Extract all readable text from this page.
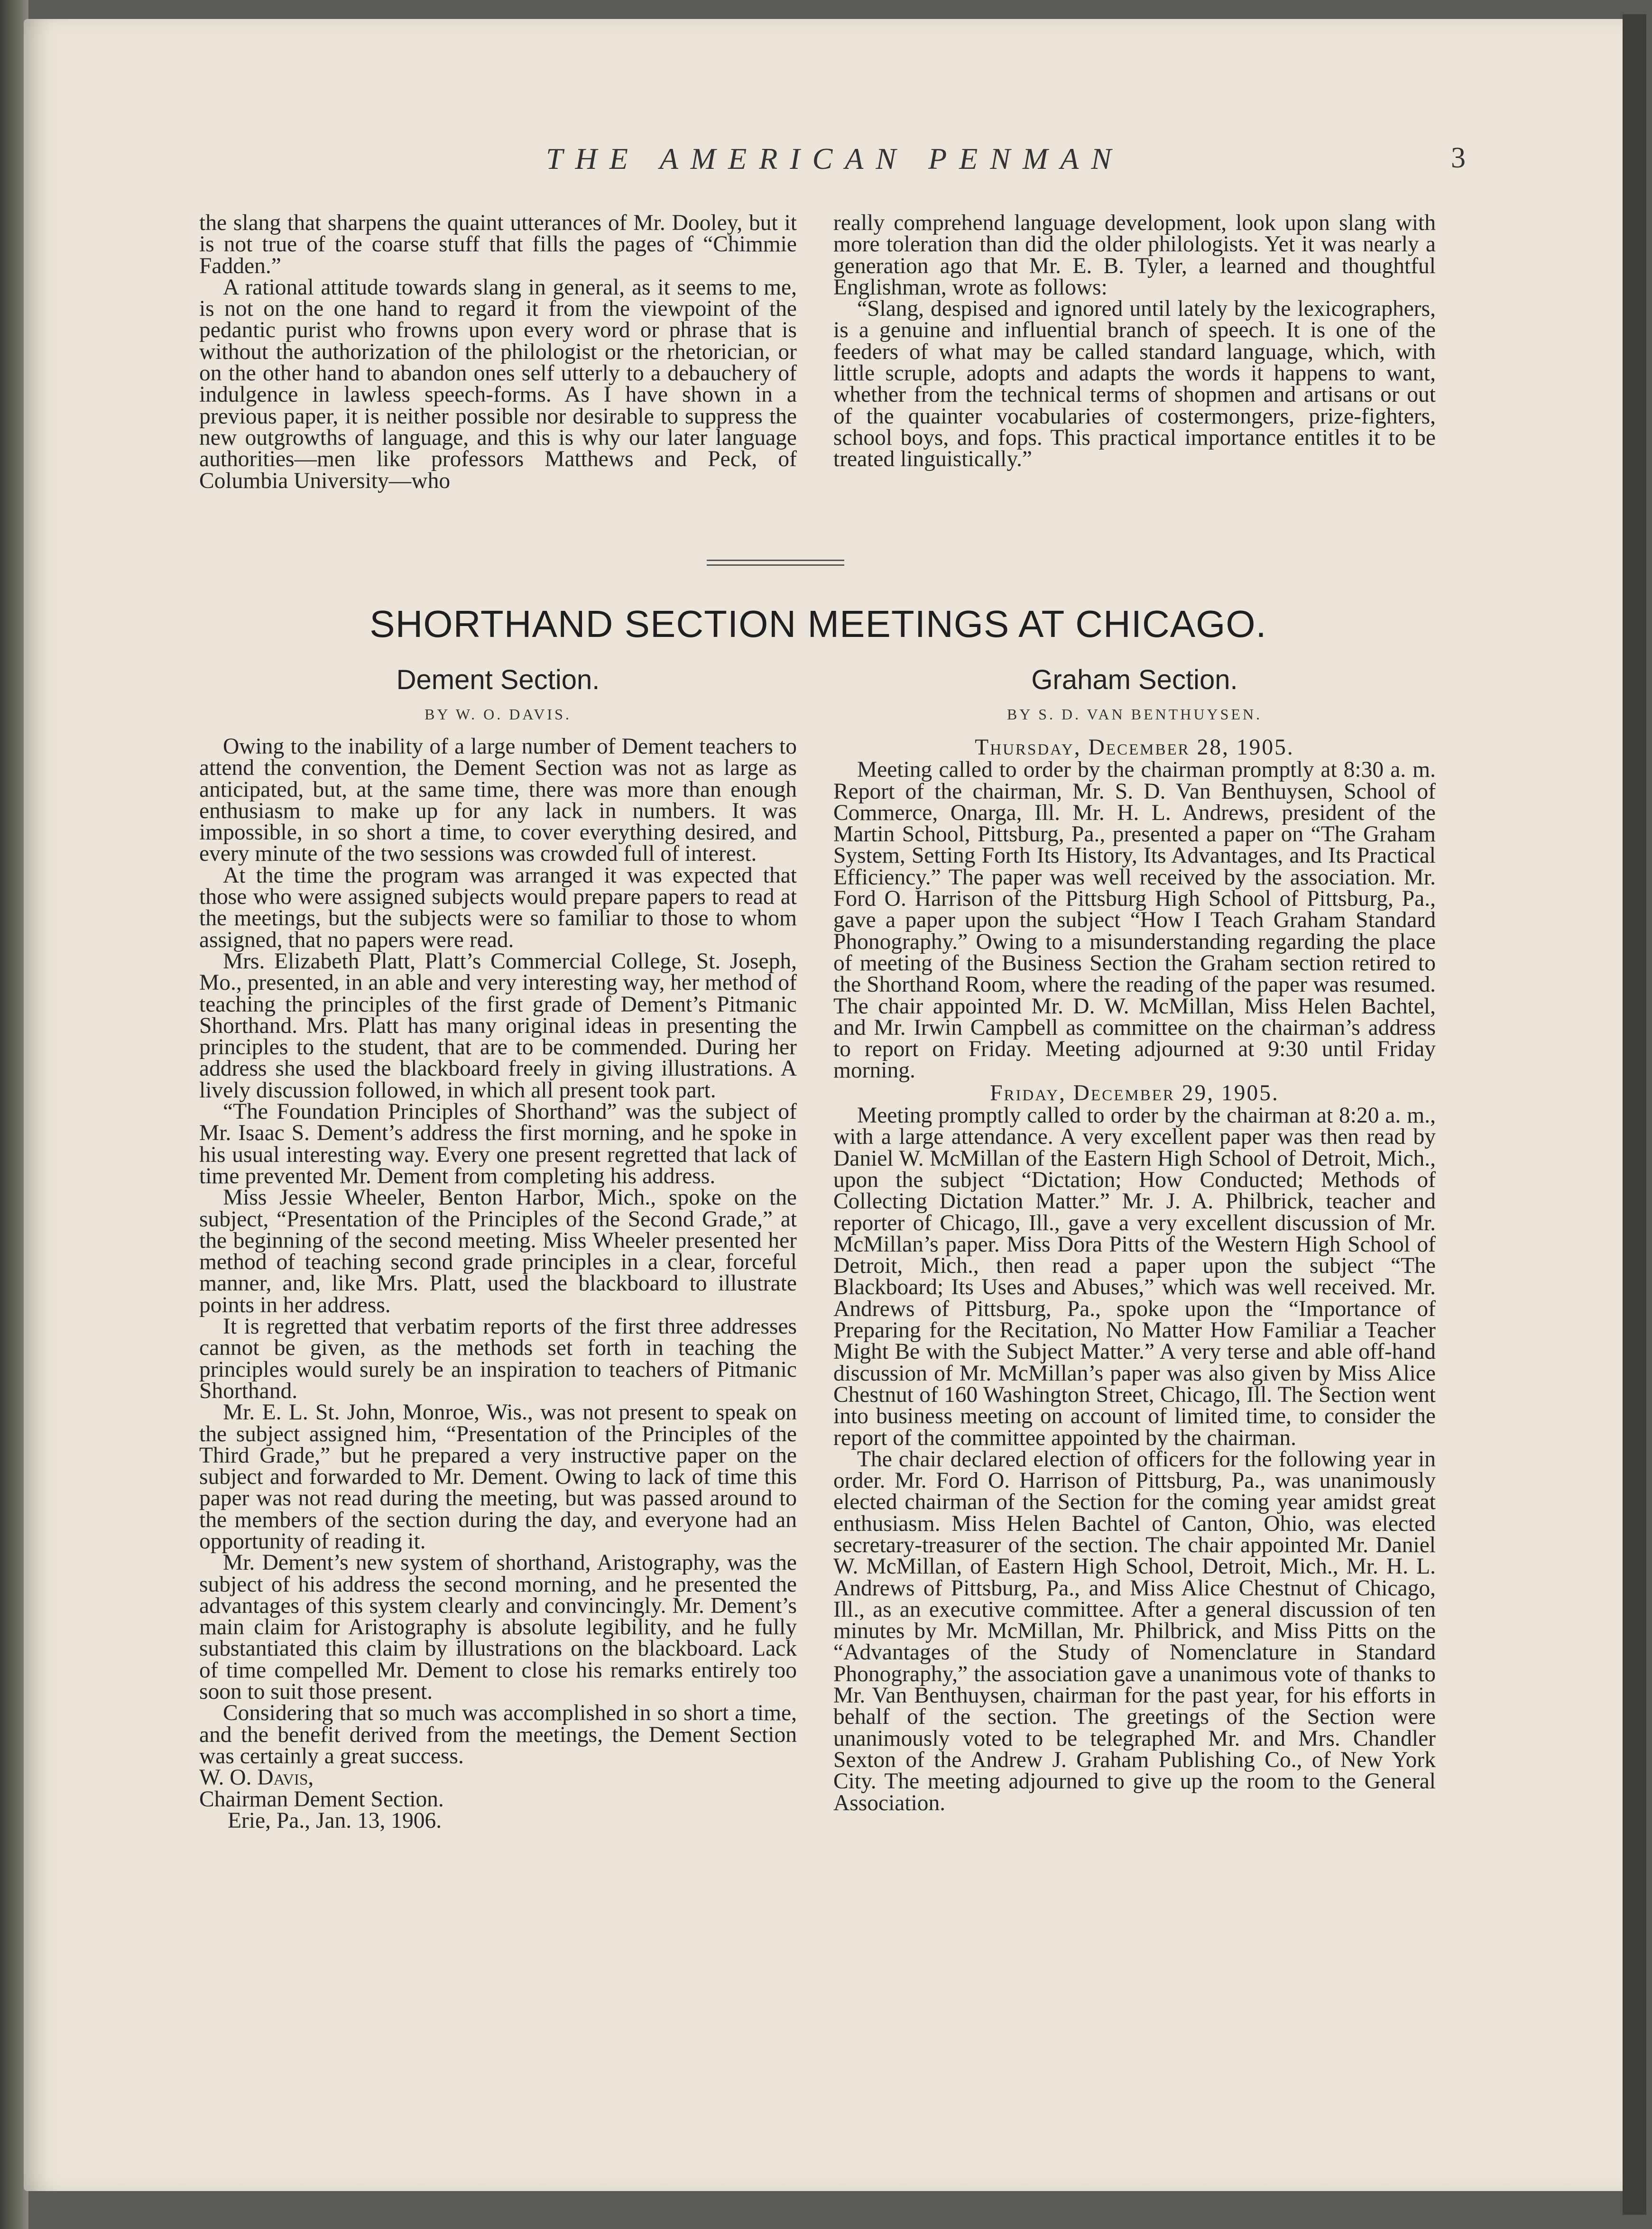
THE AMERICAN PENMAN	3

the slang that sharpens the quaint utterances of Mr. Dooley, but it is not true of the coarse stuff that fills the pages of “Chimmie Fadden.”

A rational attitude towards slang in general, as it seems to me, is not on the one hand to regard it from the viewpoint of the pedantic purist who frowns upon every word or phrase that is without the authorization of the philologist or the rhetorician, or on the other hand to abandon ones self utterly to a debauchery of indulgence in lawless speech-forms. As I have shown in a previous paper, it is neither possible nor desirable to suppress the new outgrowths of language, and this is why our later language authorities—men like professors Matthews and Peck, of Columbia University—who

really comprehend language development, look upon slang with more toleration than did the older philologists. Yet it was nearly a generation ago that Mr. E. B. Tyler, a learned and thoughtful Englishman, wrote as follows:

“Slang, despised and ignored until lately by the lexicographers, is a genuine and influential branch of speech. It is one of the feeders of what may be called standard language, which, with little scruple, adopts and adapts the words it happens to want, whether from the technical terms of shopmen and artisans or out of the quainter vocabularies of costermongers, prize-fighters, school boys, and fops. This practical importance entitles it to be treated linguistically.”

SHORTHAND SECTION MEETINGS AT CHICAGO.
Dement Section.	Graham Section.
BY W. O. DAVIS.	BY S. D. VAN BENTHUYSEN.

Owing to the inability of a large number of Dement teachers to attend the convention, the Dement Section was not as large as anticipated, but, at the same time, there was more than enough enthusiasm to make up for any lack in numbers. It was impossible, in so short a time, to cover everything desired, and every minute of the two sessions was crowded full of interest.

At the time the program was arranged it was expected that those who were assigned subjects would prepare papers to read at the meetings, but the subjects were so familiar to those to whom assigned, that no papers were read.

Mrs. Elizabeth Platt, Platt’s Commercial College, St. Joseph, Mo., presented, in an able and very interesting way, her method of teaching the principles of the first grade of Dement’s Pitmanic Shorthand. Mrs. Platt has many original ideas in presenting the principles to the student, that are to be commended. During her address she used the blackboard freely in giving illustrations. A lively discussion followed, in which all present took part.

“The Foundation Principles of Shorthand” was the subject of Mr. Isaac S. Dement’s address the first morning, and he spoke in his usual interesting way. Every one present regretted that lack of time prevented Mr. Dement from completing his address.

Miss Jessie Wheeler, Benton Harbor, Mich., spoke on the subject, “Presentation of the Principles of the Second Grade,” at the beginning of the second meeting. Miss Wheeler presented her method of teaching second grade principles in a clear, forceful manner, and, like Mrs. Platt, used the blackboard to illustrate points in her address.

It is regretted that verbatim reports of the first three addresses cannot be given, as the methods set forth in teaching the principles would surely be an inspiration to teachers of Pitmanic Shorthand.

Mr. E. L. St. John, Monroe, Wis., was not present to speak on the subject assigned him, “Presentation of the Principles of the Third Grade,” but he prepared a very instructive paper on the subject and forwarded to Mr. Dement. Owing to lack of time this paper was not read during the meeting, but was passed around to the members of the section during the day, and everyone had an opportunity of reading it.

Mr. Dement’s new system of shorthand, Aristography, was the subject of his address the second morning, and he presented the advantages of this system clearly and convincingly. Mr. Dement’s main claim for Aristography is absolute legibility, and he fully substantiated this claim by illustrations on the blackboard. Lack of time compelled Mr. Dement to close his remarks entirely too soon to suit those present.

Considering that so much was accomplished in so short a time, and the benefit derived from the meetings, the Dement Section was certainly a great success.

W. O. Davis,

Chairman Dement Section.

Erie, Pa., Jan. 13, 1906.

Thursday, December 28, 1905.

Meeting called to order by the chairman promptly at 8:30 a. m. Report of the chairman, Mr. S. D. Van Benthuysen, School of Commerce, Onarga, Ill. Mr. H. L. Andrews, president of the Martin School, Pittsburg, Pa., presented a paper on “The Graham System, Setting Forth Its History, Its Advantages, and Its Practical Efficiency.” The paper was well received by the association. Mr. Ford O. Harrison of the Pittsburg High School of Pittsburg, Pa., gave a paper upon the subject “How I Teach Graham Standard Phonography.” Owing to a misunderstanding regarding the place of meeting of the Business Section the Graham section retired to the Shorthand Room, where the reading of the paper was resumed. The chair appointed Mr. D. W. McMillan, Miss Helen Bachtel, and Mr. Irwin Campbell as committee on the chairman’s address to report on Friday. Meeting adjourned at 9:30 until Friday morning.

Friday, December 29, 1905.

Meeting promptly called to order by the chairman at 8:20 a. m., with a large attendance. A very excellent paper was then read by Daniel W. McMillan of the Eastern High School of Detroit, Mich., upon the subject “Dictation; How Conducted; Methods of Collecting Dictation Matter.” Mr. J. A. Philbrick, teacher and reporter of Chicago, Ill., gave a very excellent discussion of Mr. McMillan’s paper. Miss Dora Pitts of the Western High School of Detroit, Mich., then read a paper upon the subject “The Blackboard; Its Uses and Abuses,” which was well received. Mr. Andrews of Pittsburg, Pa., spoke upon the “Importance of Preparing for the Recitation, No Matter How Familiar a Teacher Might Be with the Subject Matter.” A very terse and able off-hand discussion of Mr. McMillan’s paper was also given by Miss Alice Chestnut of 160 Washington Street, Chicago, Ill. The Section went into business meeting on account of limited time, to consider the report of the committee appointed by the chairman.

The chair declared election of officers for the following year in order. Mr. Ford O. Harrison of Pittsburg, Pa., was unanimously elected chairman of the Section for the coming year amidst great enthusiasm. Miss Helen Bachtel of Canton, Ohio, was elected secretary-treasurer of the section. The chair appointed Mr. Daniel W. McMillan, of Eastern High School, Detroit, Mich., Mr. H. L. Andrews of Pittsburg, Pa., and Miss Alice Chestnut of Chicago, Ill., as an executive committee. After a general discussion of ten minutes by Mr. McMillan, Mr. Philbrick, and Miss Pitts on the “Advantages of the Study of Nomenclature in Standard Phonography,” the association gave a unanimous vote of thanks to Mr. Van Benthuysen, chairman for the past year, for his efforts in behalf of the section. The greetings of the Section were unanimously voted to be telegraphed Mr. and Mrs. Chandler Sexton of the Andrew J. Graham Publishing Co., of New York City. The meeting adjourned to give up the room to the General Association.
